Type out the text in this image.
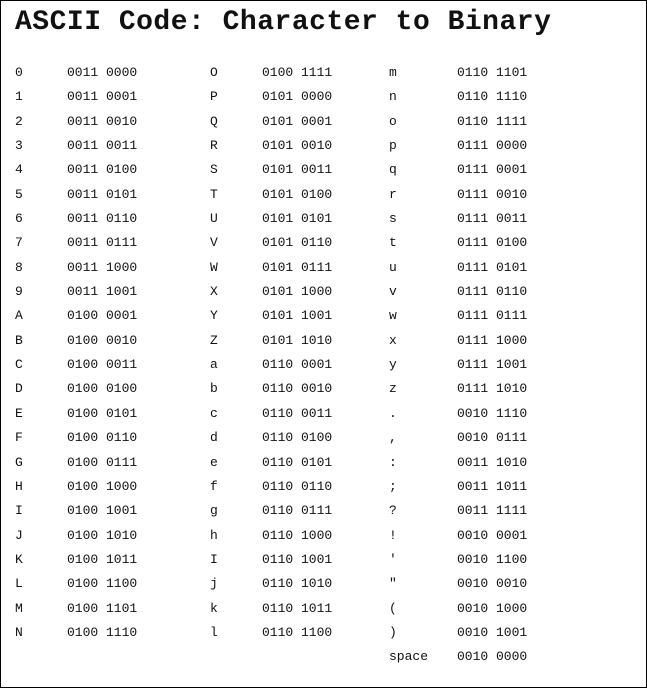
ASCII Code: Character to Binary
0	0011 0000
1	0011 0001
2	0011 0010
3	0011 0011
4	0011 0100
5	0011 0101
6	0011 0110
7	0011 0111
8	0011 1000
9	0011 1001
A	0100 0001
B	0100 0010
C	0100 0011
D	0100 0100
E	0100 0101
F	0100 0110
G	0100 0111
H	0100 1000
I	0100 1001
J	0100 1010
K	0100 1011
L	0100 1100
M	0100 1101
N	0100 1110
O	0100 1111
P	0101 0000
Q	0101 0001
R	0101 0010
S	0101 0011
T	0101 0100
U	0101 0101
V	0101 0110
W	0101 0111
X	0101 1000
Y	0101 1001
Z	0101 1010
a	0110 0001
b	0110 0010
c	0110 0011
d	0110 0100
e	0110 0101
f	0110 0110
g	0110 0111
h	0110 1000
I	0110 1001
j	0110 1010
k	0110 1011
l	0110 1100
m	0110 1101
n	0110 1110
o	0110 1111
p	0111 0000
q	0111 0001
r	0111 0010
s	0111 0011
t	0111 0100
u	0111 0101
v	0111 0110
w	0111 0111
x	0111 1000
y	0111 1001
z	0111 1010
.	0010 1110
,	0010 0111
:	0011 1010
;	0011 1011
?	0011 1111
!	0010 0001
'	0010 1100
"	0010 0010
(	0010 1000
)	0010 1001
space	0010 0000
